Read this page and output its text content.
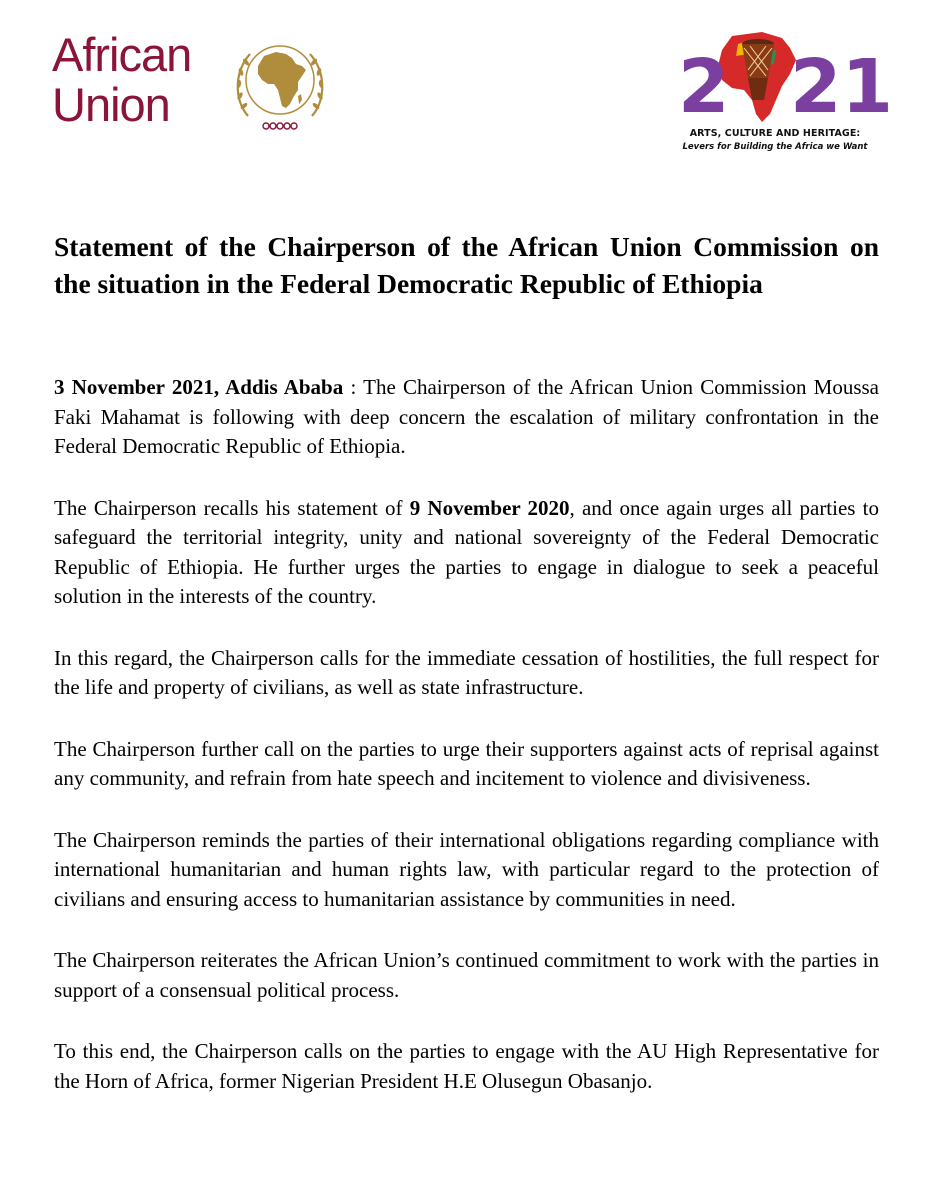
African
Union	2 21
ARTS, CULTURE AND HERITAGE:
Levers for Building the Africa we Want
Statement of the Chairperson of the African Union Commission on the situation in the Federal Democratic Republic of Ethiopia

3 November 2021, Addis Ababa : The Chairperson of the African Union Commission Moussa Faki Mahamat is following with deep concern the escalation of military confrontation in the Federal Democratic Republic of Ethiopia.

The Chairperson recalls his statement of 9 November 2020, and once again urges all parties to safeguard the territorial integrity, unity and national sovereignty of the Federal Democratic Republic of Ethiopia. He further urges the parties to engage in dialogue to seek a peaceful solution in the interests of the country.

In this regard, the Chairperson calls for the immediate cessation of hostilities, the full respect for the life and property of civilians, as well as state infrastructure.

The Chairperson further call on the parties to urge their supporters against acts of reprisal against any community, and refrain from hate speech and incitement to violence and divisiveness.

The Chairperson reminds the parties of their international obligations regarding compliance with international humanitarian and human rights law, with particular regard to the protection of civilians and ensuring access to humanitarian assistance by communities in need.

The Chairperson reiterates the African Union’s continued commitment to work with the parties in support of a consensual political process.

To this end, the Chairperson calls on the parties to engage with the AU High Representative for the Horn of Africa, former Nigerian President H.E Olusegun Obasanjo.
